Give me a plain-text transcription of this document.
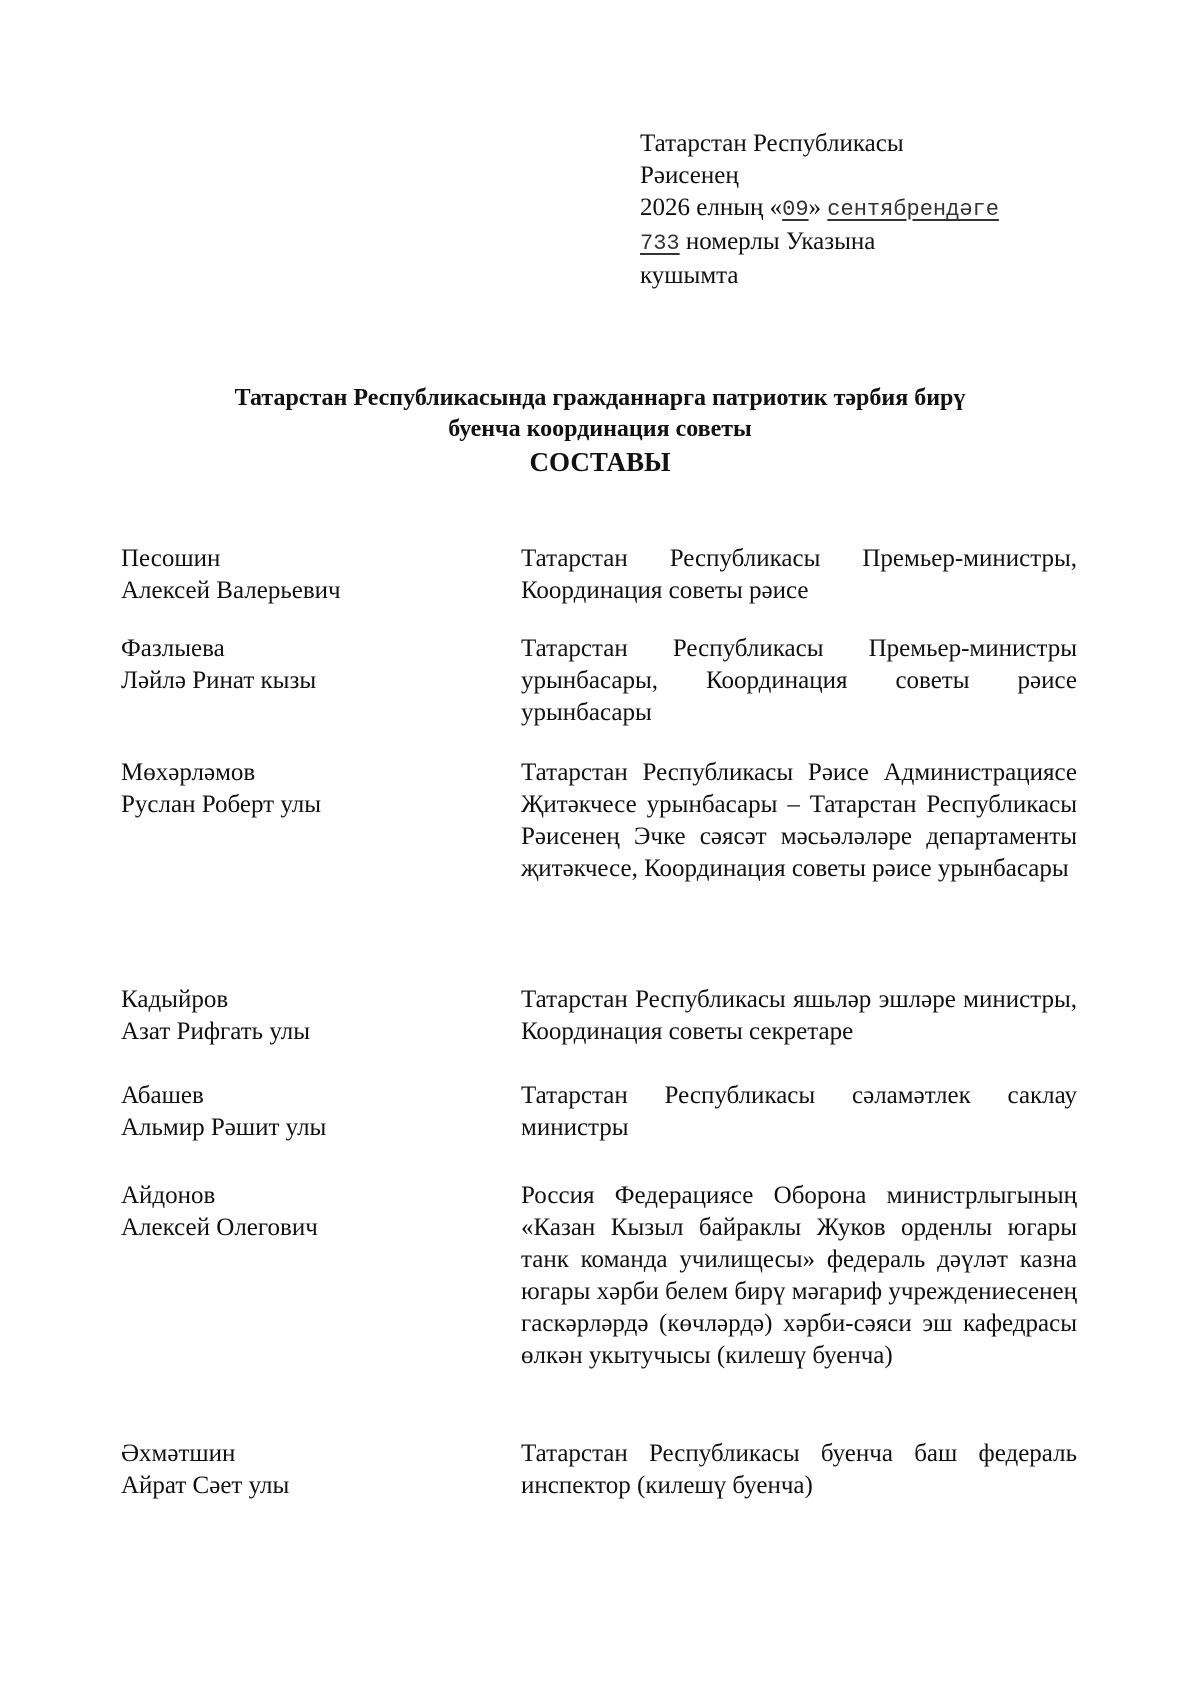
Татарстан Республикасы
Рәисенең
2026 елның «09» сентябрендәге
733 номерлы Указына
кушымта
Татарстан Республикасында гражданнарга патриотик тәрбия бирү
буенча координация советы
СОСТАВЫ
Песошин
Алексей Валерьевич
Татарстан Республикасы Премьер-министры, Координация советы рәисе
Фазлыева
Ләйлә Ринат кызы
Татарстан Республикасы Премьер-министры урынбасары, Координация советы рәисе урынбасары
Мөхәрләмов
Руслан Роберт улы
Татарстан Республикасы Рәисе Администрациясе Җитәкчесе урынбасары – Татарстан Республикасы Рәисенең Эчке сәясәт мәсьәләләре департаменты җитәкчесе, Координация советы рәисе урынбасары
Кадыйров
Азат Рифгать улы
Татарстан Республикасы яшьләр эшләре министры, Координация советы секретаре
Абашев
Альмир Рәшит улы
Татарстан Республикасы сәламәтлек саклау министры
Айдонов
Алексей Олегович
Россия Федерациясе Оборона министрлыгының «Казан Кызыл байраклы Жуков орденлы югары танк команда училищесы» федераль дәүләт казна югары хәрби белем бирү мәгариф учреждениесенең гаскәрләрдә (көчләрдә) хәрби-сәяси эш кафедрасы өлкән укытучысы (килешү буенча)
Әхмәтшин
Айрат Сәет улы
Татарстан Республикасы буенча баш федераль инспектор (килешү буенча)
